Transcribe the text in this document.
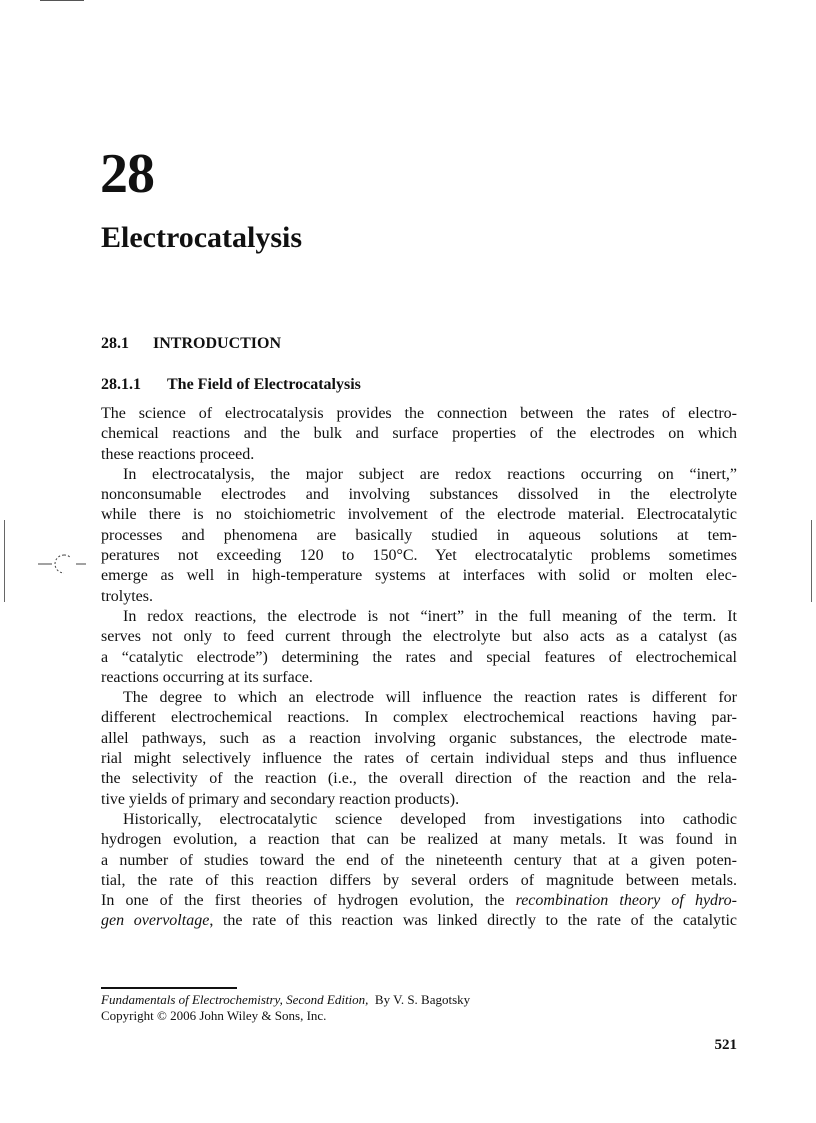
28
Electrocatalysis
28.1 INTRODUCTION
28.1.1 The Field of Electrocatalysis
The science of electrocatalysis provides the connection between the rates of electro-
chemical reactions and the bulk and surface properties of the electrodes on which
these reactions proceed.
In electrocatalysis, the major subject are redox reactions occurring on “inert,”
nonconsumable electrodes and involving substances dissolved in the electrolyte
while there is no stoichiometric involvement of the electrode material. Electrocatalytic
processes and phenomena are basically studied in aqueous solutions at tem-
peratures not exceeding 120 to 150°C. Yet electrocatalytic problems sometimes
emerge as well in high-temperature systems at interfaces with solid or molten elec-
trolytes.
In redox reactions, the electrode is not “inert” in the full meaning of the term. It
serves not only to feed current through the electrolyte but also acts as a catalyst (as
a “catalytic electrode”) determining the rates and special features of electrochemical
reactions occurring at its surface.
The degree to which an electrode will influence the reaction rates is different for
different electrochemical reactions. In complex electrochemical reactions having par-
allel pathways, such as a reaction involving organic substances, the electrode mate-
rial might selectively influence the rates of certain individual steps and thus influence
the selectivity of the reaction (i.e., the overall direction of the reaction and the rela-
tive yields of primary and secondary reaction products).
Historically, electrocatalytic science developed from investigations into cathodic
hydrogen evolution, a reaction that can be realized at many metals. It was found in
a number of studies toward the end of the nineteenth century that at a given poten-
tial, the rate of this reaction differs by several orders of magnitude between metals.
In one of the first theories of hydrogen evolution, the recombination theory of hydro-
gen overvoltage, the rate of this reaction was linked directly to the rate of the catalytic
Fundamentals of Electrochemistry, Second Edition, By V. S. Bagotsky
Copyright © 2006 John Wiley & Sons, Inc.
521
